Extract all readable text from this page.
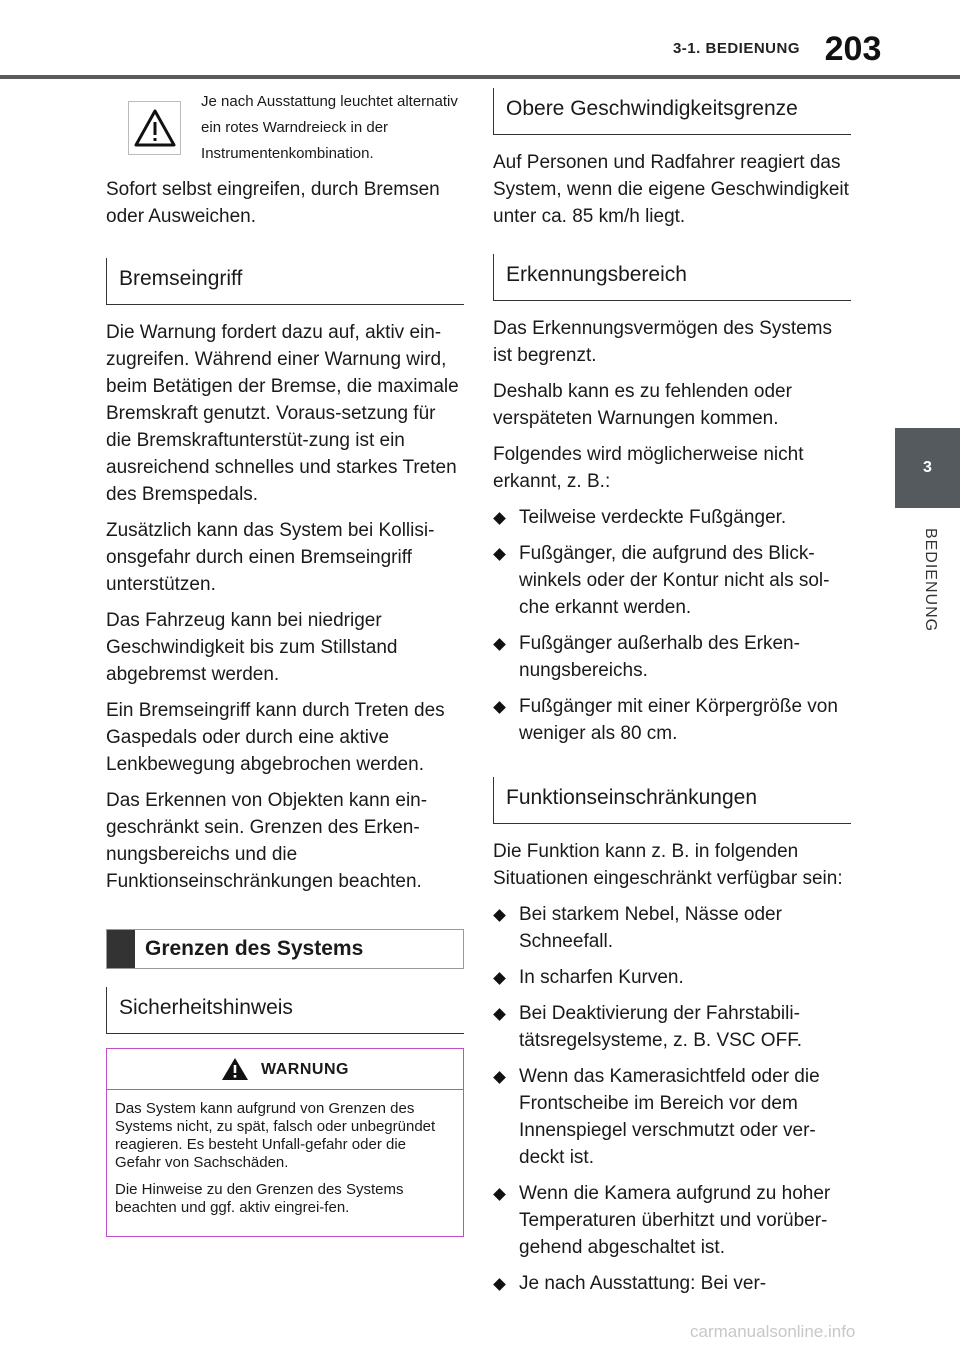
3-1. BEDIENUNG 203
3
BEDIENUNG
Je nach Ausstattung leuchtet alternativ ein rotes Warndreieck in der Instrumentenkombination.

Sofort selbst eingreifen, durch Bremsen oder Ausweichen.

Bremseingriff

Die Warnung fordert dazu auf, aktiv ein-zugreifen. Während einer Warnung wird, beim Betätigen der Bremse, die maximale Bremskraft genutzt. Voraus-setzung für die Bremskraftunterstüt-zung ist ein ausreichend schnelles und starkes Treten des Bremspedals.

Zusätzlich kann das System bei Kollisi-onsgefahr durch einen Bremseingriff unterstützen.

Das Fahrzeug kann bei niedriger Geschwindigkeit bis zum Stillstand abgebremst werden.

Ein Bremseingriff kann durch Treten des Gaspedals oder durch eine aktive Lenkbewegung abgebrochen werden.

Das Erkennen von Objekten kann ein-geschränkt sein. Grenzen des Erken-nungsbereichs und die Funktionseinschränkungen beachten.

Grenzen des Systems
Sicherheitshinweis
WARNUNG

Das System kann aufgrund von Grenzen des Systems nicht, zu spät, falsch oder unbegründet reagieren. Es besteht Unfall-gefahr oder die Gefahr von Sachschäden.

Die Hinweise zu den Grenzen des Systems beachten und ggf. aktiv eingrei-fen.

Obere Geschwindigkeitsgrenze

Auf Personen und Radfahrer reagiert das System, wenn die eigene Geschwindigkeit unter ca. 85 km/h liegt.

Erkennungsbereich

Das Erkennungsvermögen des Systems ist begrenzt.

Deshalb kann es zu fehlenden oder verspäteten Warnungen kommen.

Folgendes wird möglicherweise nicht erkannt, z. B.:

Teilweise verdeckte Fußgänger.
Fußgänger, die aufgrund des Blick-winkels oder der Kontur nicht als sol-che erkannt werden.
Fußgänger außerhalb des Erken-nungsbereichs.
Fußgänger mit einer Körpergröße von weniger als 80 cm.
Funktionseinschränkungen

Die Funktion kann z. B. in folgenden Situationen eingeschränkt verfügbar sein:

Bei starkem Nebel, Nässe oder Schneefall.
In scharfen Kurven.
Bei Deaktivierung der Fahrstabili-tätsregelsysteme, z. B. VSC OFF.
Wenn das Kamerasichtfeld oder die Frontscheibe im Bereich vor dem Innenspiegel verschmutzt oder ver-deckt ist.
Wenn die Kamera aufgrund zu hoher Temperaturen überhitzt und vorüber-gehend abgeschaltet ist.
Je nach Ausstattung: Bei ver-
carmanualsonline.info
